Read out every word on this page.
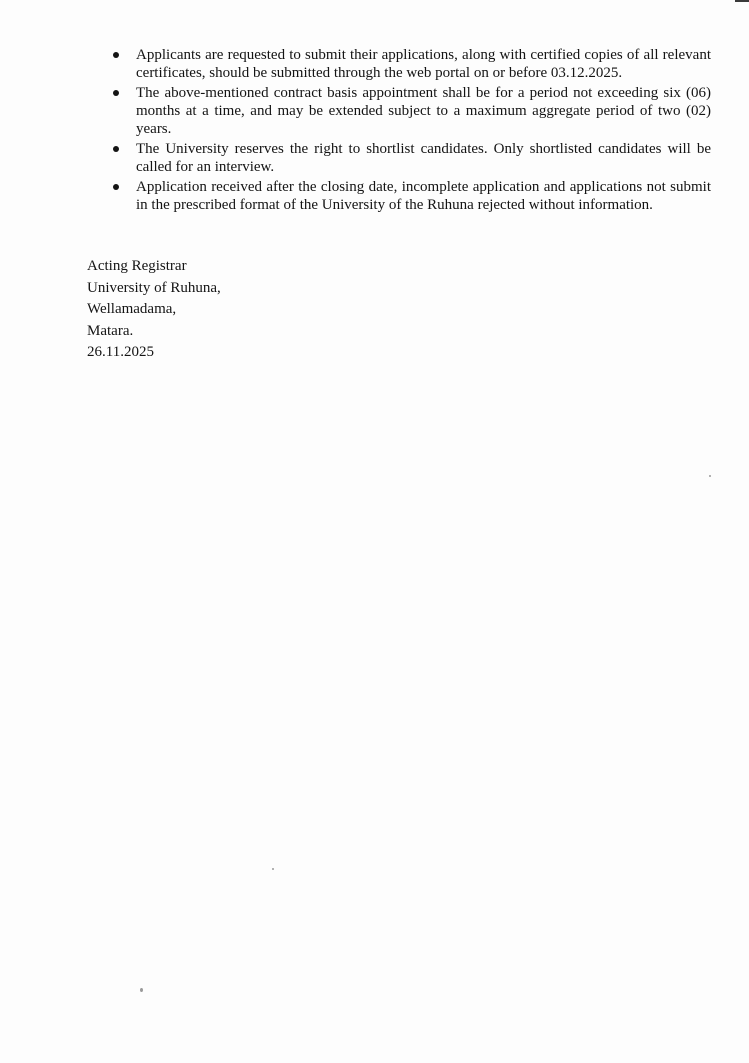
Applicants are requested to submit their applications, along with certified copies of all relevant certificates, should be submitted through the web portal on or before 03.12.2025.
The above-mentioned contract basis appointment shall be for a period not exceeding six (06) months at a time, and may be extended subject to a maximum aggregate period of two (02) years.
The University reserves the right to shortlist candidates. Only shortlisted candidates will be called for an interview.
Application received after the closing date, incomplete application and applications not submit in the prescribed format of the University of the Ruhuna rejected without information.
Acting Registrar
University of Ruhuna,
Wellamadama,
Matara.
26.11.2025
